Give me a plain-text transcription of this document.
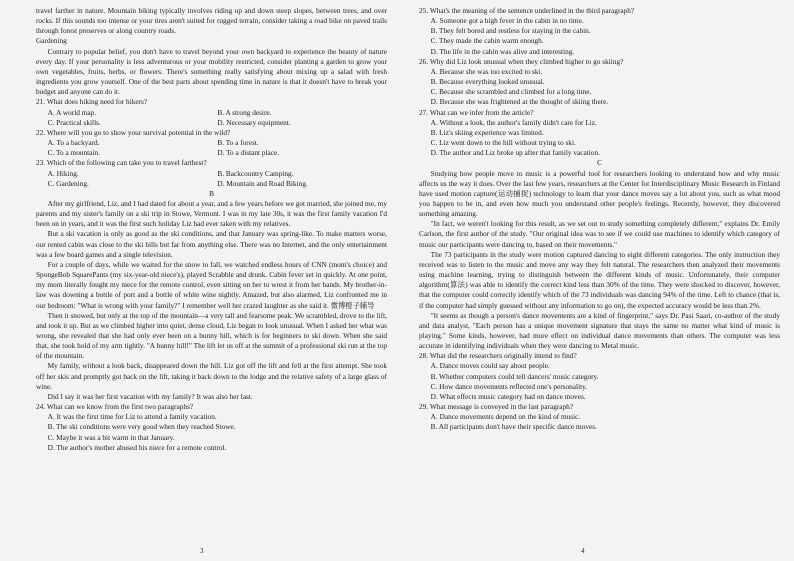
travel farther in nature. Mountain biking typically involves riding up and down steep slopes, between trees, and over rocks. If this sounds too intense or your tires aren't suited for rugged terrain, consider taking a road bike on paved trails through forest preserves or along country roads.

Gardening

Contrary to popular belief, you don't have to travel beyond your own backyard to experience the beauty of nature every day. If your personality is less adventurous or your mobility restricted, consider planting a garden to grow your own vegetables, fruits, herbs, or flowers. There's something really satisfying about mixing up a salad with fresh ingredients you grow yourself. One of the best parts about spending time in nature is that it doesn't have to break your budget and anyone can do it.

21. What does hiking need for hikers?

A. A world map.	B. A strong desire.
C. Practical skills.	D. Necessary equipment.

22. Where will you go to show your survival potential in the wild?

A. To a backyard.	B. To a forest.
C. To a mountain.	D. To a distant place.

23. Which of the following can take you to travel farthest?

A. Hiking.	B. Backcountry Camping.
C. Gardening.	D. Mountain and Road Biking.

B

After my girlfriend, Liz, and I had dated for about a year, and a few years before we got married, she joined me, my parents and my sister's family on a ski trip in Stowe, Vermont. I was in my late 30s, it was the first family vacation I'd been on in years, and it was the first such holiday Liz had ever taken with my relatives.

But a ski vacation is only as good as the ski conditions, and that January was spring-like. To make matters worse, our rented cabin was close to the ski hills but far from anything else. There was no Internet, and the only entertainment was a few board games and a single television.

For a couple of days, while we waited for the snow to fall, we watched endless hours of CNN (mom's choice) and SpongeBob SquarePants (my six-year-old niece's), played Scrabble and drunk. Cabin fever set in quickly. At one point, my mom literally fought my niece for the remote control, even sitting on her to wrest it from her hands. My brother-in-law was downing a bottle of port and a bottle of white wine nightly. Amazed, but also alarmed, Liz confronted me in our bedroom: "What is wrong with your family?" I remember well her crazed laughter as she said it. 微博橙子辅导

Then it snowed, but only at the top of the mountain—a very tall and fearsome peak. We scrambled, drove to the lift, and took it up. But as we climbed higher into quiet, dense cloud, Liz began to look unusual. When I asked her what was wrong, she revealed that she had only ever been on a bunny hill, which is for beginners to ski down. When she said that, she took hold of my arm tightly. "A bunny hill!" The lift let us off at the summit of a professional ski run at the top of the mountain.

My family, without a look back, disappeared down the hill. Liz got off the lift and fell at the first attempt. She took off her skis and promptly got back on the lift, taking it back down to the lodge and the relative safety of a large glass of wine.

Did I say it was her first vacation with my family? It was also her last.

24. What can we know from the first two paragraphs?

A. It was the first time for Liz to attend a family vacation.

B. The ski conditions were very good when they reached Stowe.

C. Maybe it was a bit warm in that January.

D. The author's mother abused his niece for a remote control.

3

25. What's the meaning of the sentence underlined in the third paragraph?

A. Someone got a high fever in the cabin in no time.

B. They felt bored and restless for staying in the cabin.

C. They made the cabin warm enough.

D. The life in the cabin was alive and interesting.

26. Why did Liz look unusual when they climbed higher to go skiing?

A. Because she was too excited to ski.

B. Because everything looked unusual.

C. Because she scrambled and climbed for a long time.

D. Because she was frightened at the thought of skiing there.

27. What can we infer from the article?

A. Without a look, the author's family didn't care for Liz.

B. Liz's skiing experience was limited.

C. Liz went down to the hill without trying to ski.

D. The author and Liz broke up after that family vacation.

C

Studying how people move to music is a powerful tool for researchers looking to understand how and why music affects us the way it does. Over the last few years, researchers at the Center for Interdisciplinary Music Research in Finland have used motion capture(运动捕捉) technology to learn that your dance moves say a lot about you, such as what mood you happen to be in, and even how much you understand other people's feelings. Recently, however, they discovered something amazing.

"In fact, we weren't looking for this result, as we set out to study something completely different," explains Dr. Emily Carlson, the first author of the study. "Our original idea was to see if we could use machines to identify which category of music our participants were dancing to, based on their movements."

The 73 participants in the study were motion captured dancing to eight different categories. The only instruction they received was to listen to the music and move any way they felt natural. The researchers then analyzed their movements using machine learning, trying to distinguish between the different kinds of music. Unfortunately, their computer algorithm(算法) was able to identify the correct kind less than 30% of the time. They were shocked to discover, however, that the computer could correctly identify which of the 73 individuals was dancing 94% of the time. Left to chance (that is, if the computer had simply guessed without any information to go on), the expected accuracy would be less than 2%.

"It seems as though a person's dance movements are a kind of fingerprint," says Dr. Pasi Saari, co-author of the study and data analyst, "Each person has a unique movement signature that stays the same no matter what kind of music is playing." Some kinds, however, had more effect on individual dance movements than others. The computer was less accurate in identifying individuals when they were dancing to Metal music.

28. What did the researchers originally intend to find?

A. Dance moves could say about people.

B. Whether computers could tell dancers' music category.

C. How dance movements reflected one's personality.

D. What effects music category had on dance moves.

29. What message is conveyed in the last paragraph?

A. Dance movements depend on the kind of music.

B. All participants don't have their specific dance moves.

4
